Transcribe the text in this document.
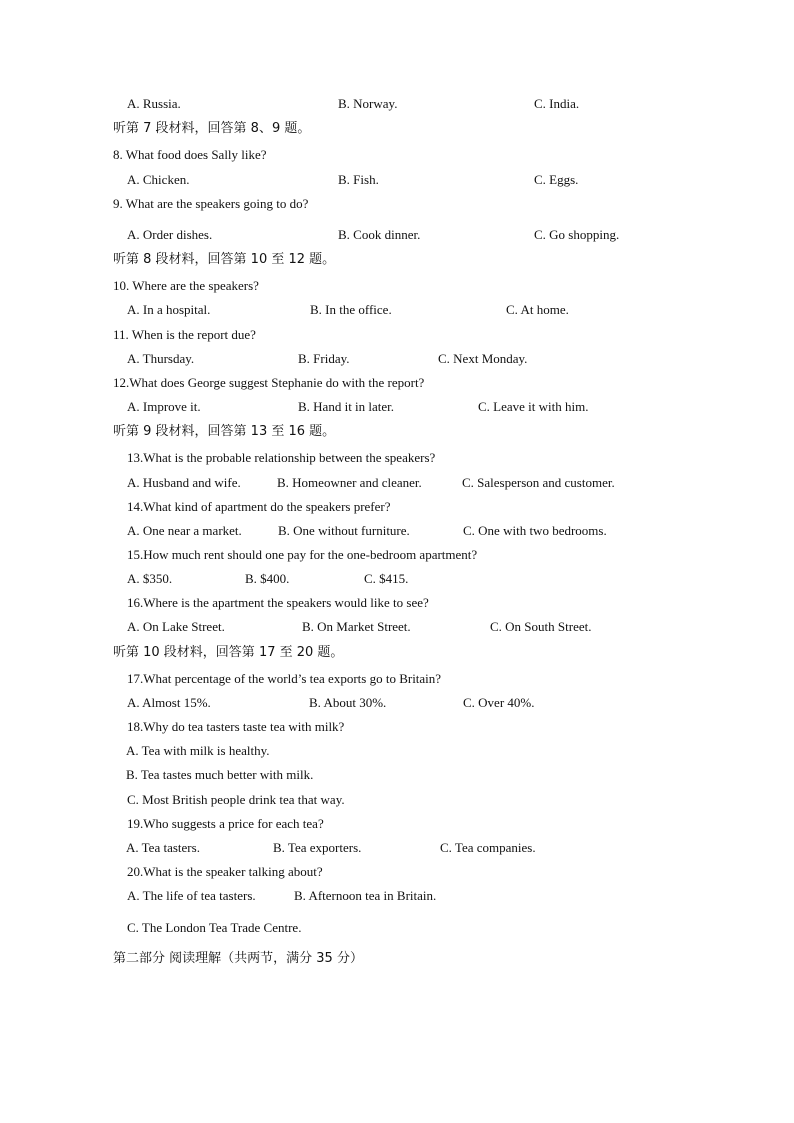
A. Russia.	B. Norway.	C. India.
听第 7 段材料，回答第 8、9 题。
8. What food does Sally like?
A. Chicken.	B. Fish.	C. Eggs.
9. What are the speakers going to do?
A. Order dishes.	B. Cook dinner.	C. Go shopping.
听第 8 段材料，回答第 10 至 12 题。
10. Where are the speakers?
A. In a hospital.	B. In the office.	C. At home.
11. When is the report due?
A. Thursday.	B. Friday.	C. Next Monday.
12.What does George suggest Stephanie do with the report?
A. Improve it.	B. Hand it in later.	C. Leave it with him.
听第 9 段材料，回答第 13 至 16 题。
13.What is the probable relationship between the speakers?
A. Husband and wife.	B. Homeowner and cleaner.	C. Salesperson and customer.
14.What kind of apartment do the speakers prefer?
A. One near a market.	B. One without furniture.	C. One with two bedrooms.
15.How much rent should one pay for the one-bedroom apartment?
A. $350.	B. $400.	C. $415.
16.Where is the apartment the speakers would like to see?
A. On Lake Street.	B. On Market Street.	C. On South Street.
听第 10 段材料，回答第 17 至 20 题。
17.What percentage of the world’s tea exports go to Britain?
A. Almost 15%.	B. About 30%.	C. Over 40%.
18.Why do tea tasters taste tea with milk?
A. Tea with milk is healthy.
B. Tea tastes much better with milk.
C. Most British people drink tea that way.
19.Who suggests a price for each tea?
A. Tea tasters.	B. Tea exporters.	C. Tea companies.
20.What is the speaker talking about?
A. The life of tea tasters.	B. Afternoon tea in Britain.
C. The London Tea Trade Centre.
第二部分 阅读理解（共两节，满分 35 分）
